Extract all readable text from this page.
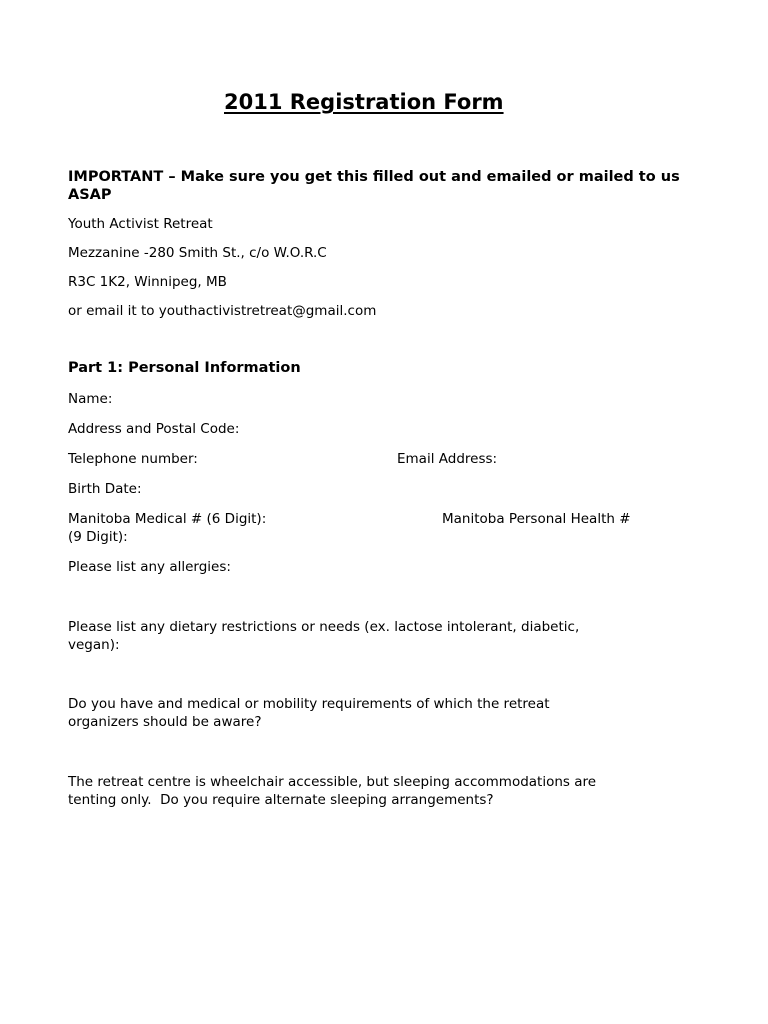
2011 Registration Form

IMPORTANT – Make sure you get this filled out and emailed or mailed to us ASAP

Youth Activist Retreat

Mezzanine -280 Smith St., c/o W.O.R.C

R3C 1K2, Winnipeg, MB

or email it to youthactivistretreat@gmail.com

Part 1: Personal Information

Name:

Address and Postal Code:

Telephone number:	Email Address:

Birth Date:

Manitoba Medical # (6 Digit):	Manitoba Personal Health #

(9 Digit):

Please list any allergies:

Please list any dietary restrictions or needs (ex. lactose intolerant, diabetic,

vegan):

Do you have and medical or mobility requirements of which the retreat

organizers should be aware?

The retreat centre is wheelchair accessible, but sleeping accommodations are

tenting only.  Do you require alternate sleeping arrangements?
